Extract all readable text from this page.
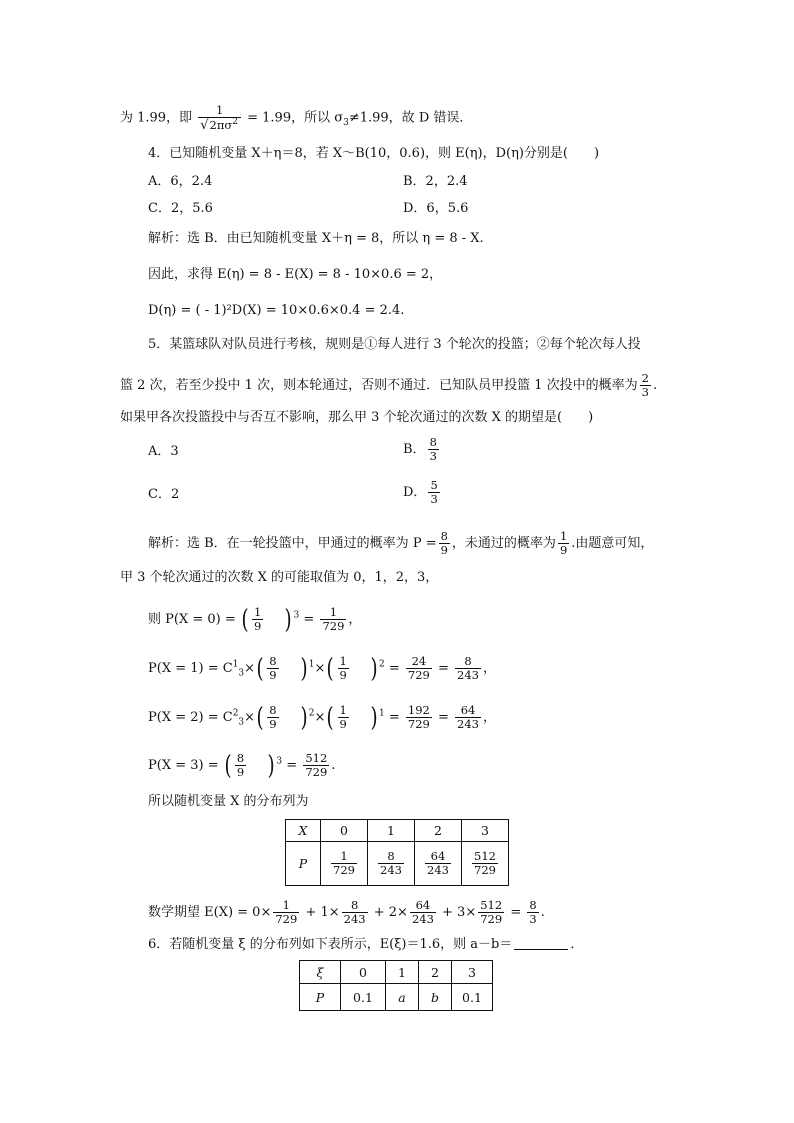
为 1.99，即 $\frac{1}{√2\pi\sigma^2} = 1.99$，所以 $\sigma_3\ne 1.99$，故 D 错误．
4．已知随机变量 X＋η＝8，若 X～B(10，0.6)，则 E(η)，D(η)分别是(　　)
A．6，2.4	B．2，2.4
C．2，5.6	D．6，5.6
解析：选 B．由已知随机变量 X＋η = 8，所以 η = 8 - X.
因此，求得 E(η) = 8 - E(X) = 8 - 10×0.6 = 2，
D(η) = ( - 1)²D(X) = 10×0.6×0.4 = 2.4.
5．某篮球队对队员进行考核，规则是①每人进行 3 个轮次的投篮；②每个轮次每人投
篮 2 次，若至少投中 1 次，则本轮通过，否则不通过．已知队员甲投篮 1 次投中的概率为 $\frac{2}{3}$ .
如果甲各次投篮投中与否互不影响，那么甲 3 个轮次通过的次数 X 的期望是(　　)
A．3	B． $\frac{8}{3}$
C．2	D． $\frac{5}{3}$
解析：选 B．在一轮投篮中，甲通过的概率为 $P = \frac{8}{9}$ ，未通过的概率为 $\frac{1}{9}$ .由题意可知，
甲 3 个轮次通过的次数 X 的可能取值为 0，1，2，3，
则 P(X = 0) = ( $\frac{1}{9}$ ) $^3 = \frac{1}{729}$ ，
$P(X = 1) = C^1_3\times( \frac{8}{9}$ ) $^1\times( \frac{1}{9}$ ) $^2 = \frac{24}{729} = \frac{8}{243}$ ，
$P(X = 2) = C^2_3\times( \frac{8}{9}$ ) $^2\times( \frac{1}{9}$ ) $^1 = \frac{192}{729} = \frac{64}{243}$ ，
P(X = 3) = ( $\frac{8}{9}$ ) $^3 = \frac{512}{729}$ .
所以随机变量 X 的分布列为
X	0	1	2	3
P	$\frac{1}{729}$	$\frac{8}{243}$	$\frac{64}{243}$	$\frac{512}{729}$
数学期望 $E(X) = 0\times \frac{1}{729} + 1\times \frac{8}{243} + 2\times \frac{64}{243} + 3\times \frac{512}{729} = \frac{8}{3}$ .
6．若随机变量 ξ 的分布列如下表所示，E(ξ)＝1.6，则 a－b＝	．
ξ	0	1	2	3
P	0.1	a	b	0.1
